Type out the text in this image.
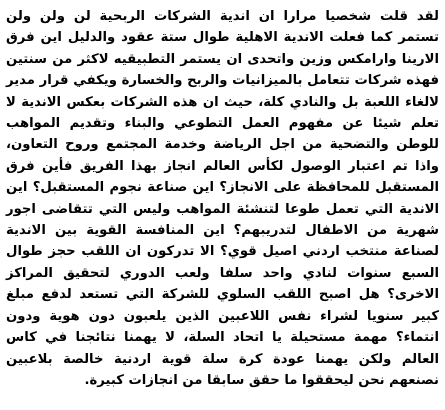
لقد قلت شخصيا مرارا ان اندية الشركات الربحية لن ولن ولن تستمر كما فعلت الاندية الاهلية طوال ستة عقود والدليل اين فرق الارينا وارامكس وزين واتحدى ان يستمر التطبيقيه لاكثر من سنتين فهذه شركات تتعامل بالميزانيات والربح والخسارة ويكفي قرار مدير لالغاء اللعبة بل والنادي كلة، حيث ان هذه الشركات بعكس الاندية لا تعلم شيئا عن مفهوم العمل التطوعي والبناء وتقديم المواهب للوطن والتضحية من اجل الرياضة وخدمة المجتمع وروح التعاون، واذا تم اعتبار الوصول لكأس العالم انجاز بهذا الفريق فأين فرق المستقبل للمحافظة على الانجاز؟ اين صناعة نجوم المستقبل؟ اين الاندية التي تعمل طوعا لتنشئة المواهب وليس التي تتقاضى اجور شهرية من الاطفال لتدريبهم؟ اين المنافسة القوية بين الاندية لصناعة منتخب اردني اصيل قوي؟ الا تدركون ان اللقب حجز طوال السبع سنوات لنادي واحد سلفا ولعب الدوري لتحقيق المراكز الاخرى؟ هل اصبح اللقب السلوي للشركة التي تستعد لدفع مبلغ كبير سنويا لشراء نفس اللاعبين الذين يلعبون دون هوية ودون انتماء؟ مهمة مستحيلة يا اتحاد السلة، لا يهمنا نتائجنا في كاس العالم ولكن يهمنا عودة كرة سلة قوية اردنية خالصة بلاعبين نصنعهم نحن ليحققوا ما حقق سابقا من انجازات كبيرة.
